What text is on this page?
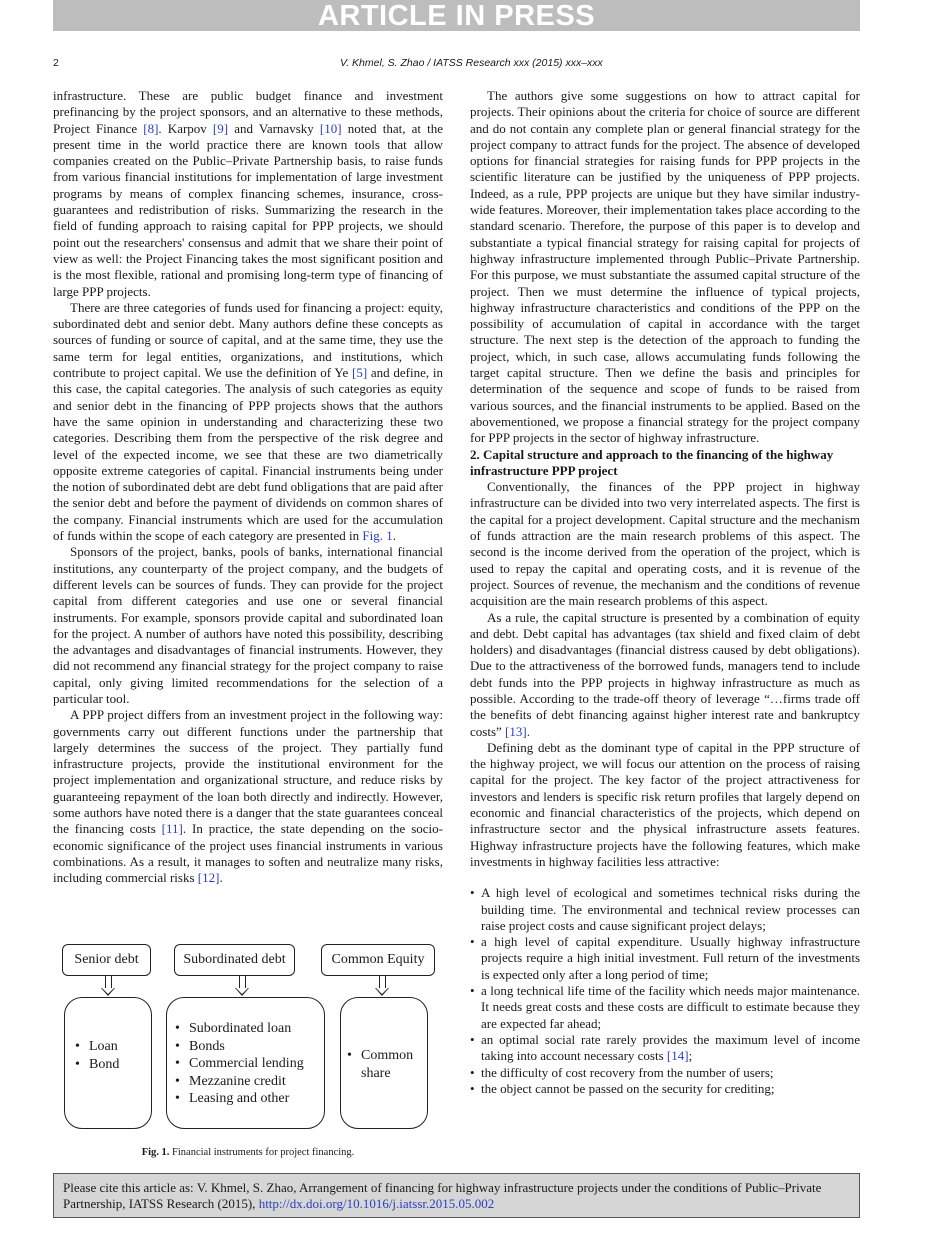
ARTICLE IN PRESS
2	V. Khmel, S. Zhao / IATSS Research xxx (2015) xxx–xxx

infrastructure. These are public budget finance and investment prefinancing by the project sponsors, and an alternative to these methods, Project Finance [8]. Karpov [9] and Varnavsky [10] noted that, at the present time in the world practice there are known tools that allow companies created on the Public–Private Partnership basis, to raise funds from various financial institutions for implementation of large investment programs by means of complex financing schemes, insurance, cross-guarantees and redistribution of risks. Summarizing the research in the field of funding approach to raising capital for PPP projects, we should point out the researchers' consensus and admit that we share their point of view as well: the Project Financing takes the most significant position and is the most flexible, rational and promising long-term type of financing of large PPP projects.

There are three categories of funds used for financing a project: equity, subordinated debt and senior debt. Many authors define these concepts as sources of funding or source of capital, and at the same time, they use the same term for legal entities, organizations, and institutions, which contribute to project capital. We use the definition of Ye [5] and define, in this case, the capital categories. The analysis of such categories as equity and senior debt in the financing of PPP projects shows that the authors have the same opinion in understanding and characterizing these two categories. Describing them from the perspective of the risk degree and level of the expected income, we see that these are two diametrically opposite extreme categories of capital. Financial instruments being under the notion of subordinated debt are debt fund obligations that are paid after the senior debt and before the payment of dividends on common shares of the company. Financial instruments which are used for the accumulation of funds within the scope of each category are presented in Fig. 1.

Sponsors of the project, banks, pools of banks, international financial institutions, any counterparty of the project company, and the budgets of different levels can be sources of funds. They can provide for the project capital from different categories and use one or several financial instruments. For example, sponsors provide capital and subordinated loan for the project. A number of authors have noted this possibility, describing the advantages and disadvantages of financial instruments. However, they did not recommend any financial strategy for the project company to raise capital, only giving limited recommendations for the selection of a particular tool.

A PPP project differs from an investment project in the following way: governments carry out different functions under the partnership that largely determines the success of the project. They partially fund infrastructure projects, provide the institutional environment for the project implementation and organizational structure, and reduce risks by guaranteeing repayment of the loan both directly and indirectly. However, some authors have noted there is a danger that the state guarantees conceal the financing costs [11]. In practice, the state depending on the socio-economic significance of the project uses financial instruments in various combinations. As a result, it manages to soften and neutralize many risks, including commercial risks [12].

Senior debt	Subordinated debt	Common Equity
• Loan
• Bond
• Subordinated loan
• Bonds
• Commercial lending
• Mezzanine credit
• Leasing and other
• Common share
Fig. 1. Financial instruments for project financing.

The authors give some suggestions on how to attract capital for projects. Their opinions about the criteria for choice of source are different and do not contain any complete plan or general financial strategy for the project company to attract funds for the project. The absence of developed options for financial strategies for raising funds for PPP projects in the scientific literature can be justified by the uniqueness of PPP projects. Indeed, as a rule, PPP projects are unique but they have similar industry-wide features. Moreover, their implementation takes place according to the standard scenario. Therefore, the purpose of this paper is to develop and substantiate a typical financial strategy for raising capital for projects of highway infrastructure implemented through Public–Private Partnership. For this purpose, we must substantiate the assumed capital structure of the project. Then we must determine the influence of typical projects, highway infrastructure characteristics and conditions of the PPP on the possibility of accumulation of capital in accordance with the target structure. The next step is the detection of the approach to funding the project, which, in such case, allows accumulating funds following the target capital structure. Then we define the basis and principles for determination of the sequence and scope of funds to be raised from various sources, and the financial instruments to be applied. Based on the abovementioned, we propose a financial strategy for the project company for PPP projects in the sector of highway infrastructure.

2. Capital structure and approach to the financing of the highway infrastructure PPP project

Conventionally, the finances of the PPP project in highway infrastructure can be divided into two very interrelated aspects. The first is the capital for a project development. Capital structure and the mechanism of funds attraction are the main research problems of this aspect. The second is the income derived from the operation of the project, which is used to repay the capital and operating costs, and it is revenue of the project. Sources of revenue, the mechanism and the conditions of revenue acquisition are the main research problems of this aspect.

As a rule, the capital structure is presented by a combination of equity and debt. Debt capital has advantages (tax shield and fixed claim of debt holders) and disadvantages (financial distress caused by debt obligations). Due to the attractiveness of the borrowed funds, managers tend to include debt funds into the PPP projects in highway infrastructure as much as possible. According to the trade-off theory of leverage “…firms trade off the benefits of debt financing against higher interest rate and bankruptcy costs” [13].

Defining debt as the dominant type of capital in the PPP structure of the highway project, we will focus our attention on the process of raising capital for the project. The key factor of the project attractiveness for investors and lenders is specific risk return profiles that largely depend on economic and financial characteristics of the projects, which depend on infrastructure sector and the physical infrastructure assets features. Highway infrastructure projects have the following features, which make investments in highway facilities less attractive:

• A high level of ecological and sometimes technical risks during the building time. The environmental and technical review processes can raise project costs and cause significant project delays;
• a high level of capital expenditure. Usually highway infrastructure projects require a high initial investment. Full return of the investments is expected only after a long period of time;
• a long technical life time of the facility which needs major maintenance. It needs great costs and these costs are difficult to estimate because they are expected far ahead;
• an optimal social rate rarely provides the maximum level of income taking into account necessary costs [14];
• the difficulty of cost recovery from the number of users;
• the object cannot be passed on the security for crediting;
Please cite this article as: V. Khmel, S. Zhao, Arrangement of financing for highway infrastructure projects under the conditions of Public–Private Partnership, IATSS Research (2015), http://dx.doi.org/10.1016/j.iatssr.2015.05.002
